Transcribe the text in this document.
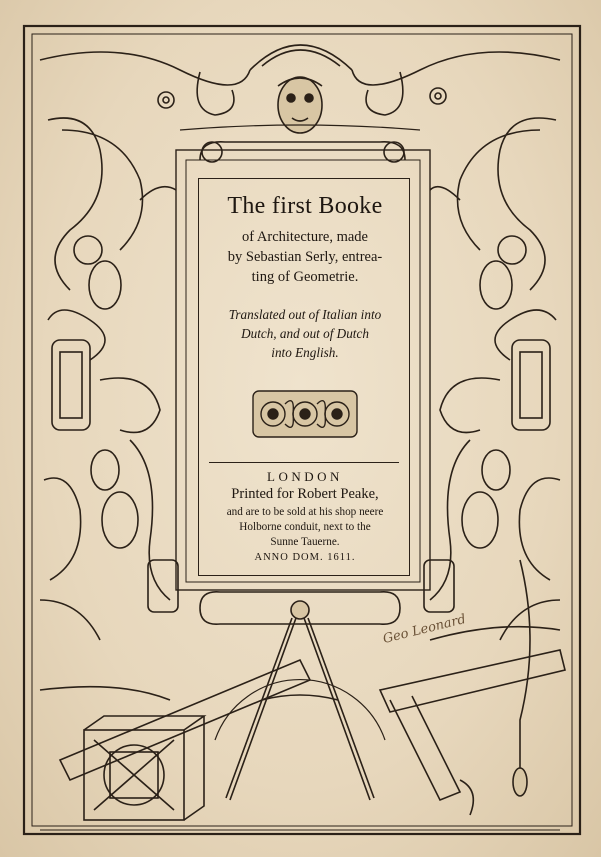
The first Booke
of Architecture, made
by Sebastian Serly, entrea-
ting of Geometrie.
Translated out of Italian into
Dutch, and out of Dutch
into English.
LONDON
Printed for Robert Peake,
and are to be sold at his shop neere
Holborne conduit, next to the
Sunne Tauerne.
ANNO DOM. 1611.
Geo Leonard
